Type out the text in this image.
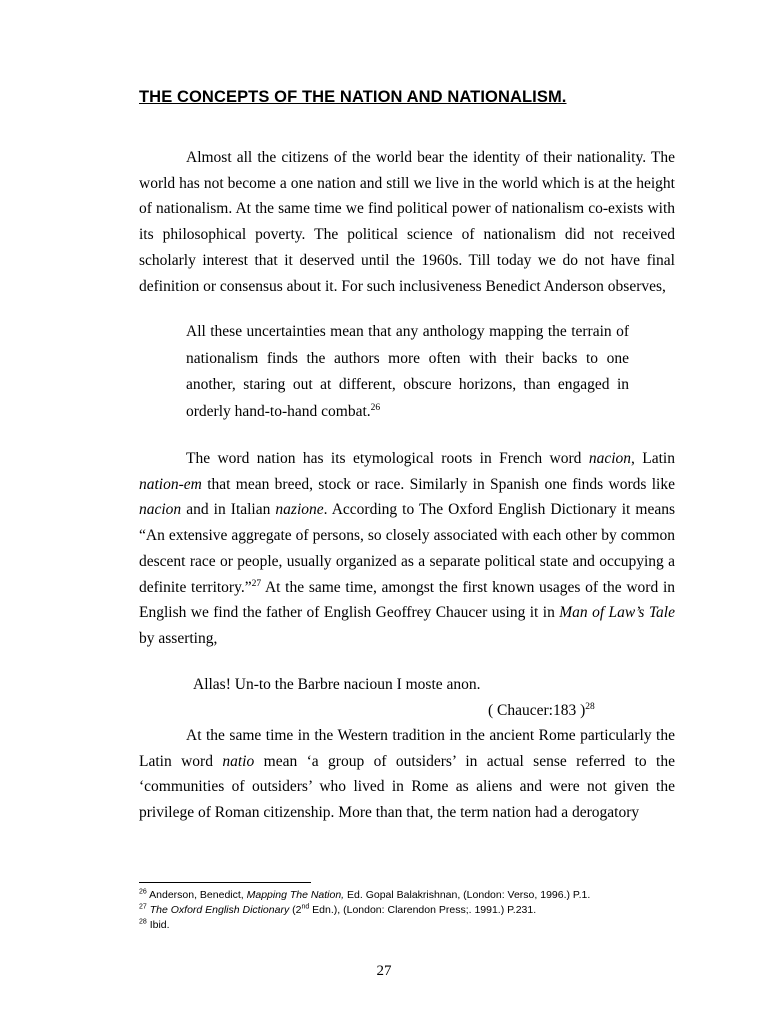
THE CONCEPTS OF THE NATION AND NATIONALISM.

Almost all the citizens of the world bear the identity of their nationality. The world has not become a one nation and still we live in the world which is at the height of nationalism. At the same time we find political power of nationalism co-exists with its philosophical poverty. The political science of nationalism did not received scholarly interest that it deserved until the 1960s. Till today we do not have final definition or consensus about it. For such inclusiveness Benedict Anderson observes,

All these uncertainties mean that any anthology mapping the terrain of nationalism finds the authors more often with their backs to one another, staring out at different, obscure horizons, than engaged in orderly hand-to-hand combat.$^{26}$

The word nation has its etymological roots in French word nacion, Latin nation-em that mean breed, stock or race. Similarly in Spanish one finds words like nacion and in Italian nazione. According to The Oxford English Dictionary it means “An extensive aggregate of persons, so closely associated with each other by common descent race or people, usually organized as a separate political state and occupying a definite territory.”$^{27}$ At the same time, amongst the first known usages of the word in English we find the father of English Geoffrey Chaucer using it in Man of Law’s Tale by asserting,

Allas! Un-to the Barbre nacioun I moste anon.
( Chaucer:183 )$^{28}$

At the same time in the Western tradition in the ancient Rome particularly the Latin word natio mean ‘a group of outsiders’ in actual sense referred to the ‘communities of outsiders’ who lived in Rome as aliens and were not given the privilege of Roman citizenship. More than that, the term nation had a derogatory

$^{26}$ Anderson, Benedict, Mapping The Nation, Ed. Gopal Balakrishnan, (London: Verso, 1996.) P.1.
$^{27}$ The Oxford English Dictionary (2nd Edn.), (London: Clarendon Press;. 1991.) P.231.
$^{28}$ Ibid.
27
